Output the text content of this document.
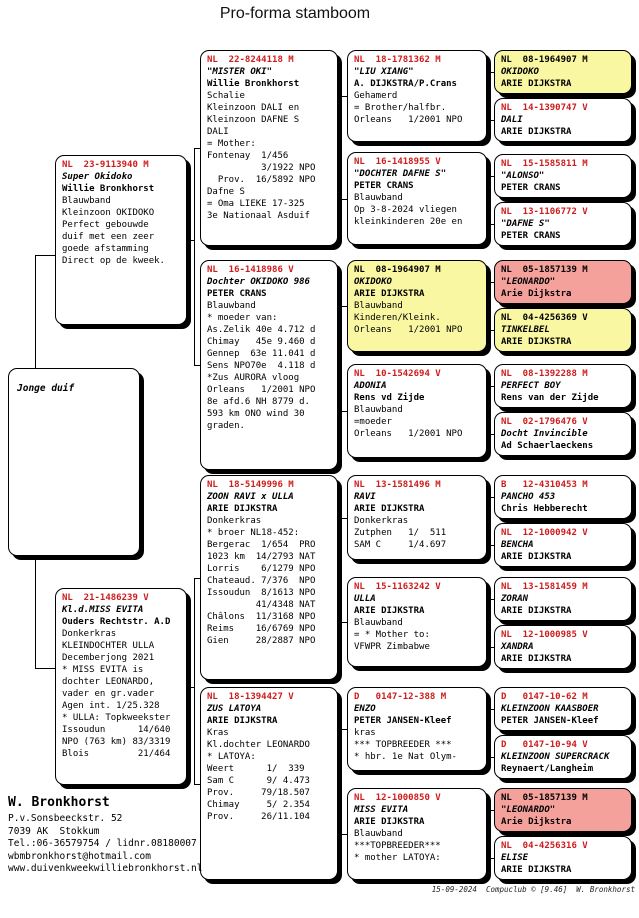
Pro-forma stamboom
NL  23-9113940 M
Super Okidoko
Willie Bronkhorst
Blauwband
Kleinzoon OKIDOKO
Perfect gebouwde
duif met een zeer
goede afstamming
Direct op de kweek.
NL  21-1486239 V
Kl.d.MISS EVITA
Ouders Rechtstr. A.D
Donkerkras
KLEINDOCHTER ULLA
Decemberjong 2021
* MISS EVITA is
dochter LEONARDO,
vader en gr.vader
Agen int. 1/25.328
* ULLA: Topkweekster
Issoudun      14/640
NPO (763 km) 83/3319
Blois         21/464
NL  22-8244118 M
"MISTER OKI"
Willie Bronkhorst
Schalie
Kleinzoon DALI en
Kleinzoon DAFNE S
DALI
= Mother:
Fontenay  1/456
3/1922 NPO
Prov.  16/5892 NPO
Dafne S
= Oma LIEKE 17-325
3e Nationaal Asduif
NL  16-1418986 V
Dochter OKIDOKO 986
PETER CRANS
Blauwband
* moeder van:
As.Zelik 40e 4.712 d
Chimay   45e 9.460 d
Gennep  63e 11.041 d
Sens NPO70e  4.118 d
*Zus AURORA vloog
Orleans   1/2001 NPO
8e afd.6 NH 8779 d.
593 km ONO wind 30
graden.
NL  18-5149996 M
ZOON RAVI x ULLA
ARIE DIJKSTRA
Donkerkras
* broer NL18-452:
Bergerac  1/654  PRO
1023 km  14/2793 NAT
Lorris    6/1279 NPO
Chateaud. 7/376  NPO
Issoudun  8/1613 NPO
41/4348 NAT
Châlons  11/3168 NPO
Reims    16/6769 NPO
Gien     28/2887 NPO
NL  18-1394427 V
ZUS LATOYA
ARIE DIJKSTRA
Kras
Kl.dochter LEONARDO
* LATOYA:
Weert      1/  339
Sam C      9/ 4.473
Prov.     79/18.507
Chimay     5/ 2.354
Prov.     26/11.104
NL  18-1781362 M
"LIU XIANG"
A. DIJKSTRA/P.Crans
Gehamerd
= Brother/halfbr.
Orleans   1/2001 NPO
NL  16-1418955 V
"DOCHTER DAFNE S"
PETER CRANS
Blauwband
Op 3-8-2024 vliegen
kleinkinderen 20e en
NL  08-1964907 M
OKIDOKO
ARIE DIJKSTRA
Blauwband
Kinderen/Kleink.
Orleans   1/2001 NPO
NL  10-1542694 V
ADONIA
Rens vd Zijde
Blauwband
=moeder
Orleans   1/2001 NPO
NL  13-1581496 M
RAVI
ARIE DIJKSTRA
Donkerkras
Zutphen   1/  511
SAM C     1/4.697
NL  15-1163242 V
ULLA
ARIE DIJKSTRA
Blauwband
= * Mother to:
VFWPR Zimbabwe
D   0147-12-388 M
ENZO
PETER JANSEN-Kleef
kras
*** TOPBREEDER ***
* hbr. 1e Nat Olym-
NL  12-1000850 V
MISS EVITA
ARIE DIJKSTRA
Blauwband
***TOPBREEDER***
* mother LATOYA:
NL  08-1964907 M
OKIDOKO
ARIE DIJKSTRA
NL  14-1390747 V
DALI
ARIE DIJKSTRA
NL  15-1585811 M
"ALONSO"
PETER CRANS
NL  13-1106772 V
"DAFNE S"
PETER CRANS
NL  05-1857139 M
"LEONARDO"
Arie Dijkstra
NL  04-4256369 V
TINKELBEL
ARIE DIJKSTRA
NL  08-1392288 M
PERFECT BOY
Rens van der Zijde
NL  02-1796476 V
Docht Invincible
Ad Schaerlaeckens
B   12-4310453 M
PANCHO 453
Chris Hebberecht
NL  12-1000942 V
BENCHA
ARIE DIJKSTRA
NL  13-1581459 M
ZORAN
ARIE DIJKSTRA
NL  12-1000985 V
XANDRA
ARIE DIJKSTRA
D   0147-10-62 M
KLEINZOON KAASBOER
PETER JANSEN-Kleef
D   0147-10-94 V
KLEINZOON SUPERCRACK
Reynaert/Langheim
NL  05-1857139 M
"LEONARDO"
Arie Dijkstra
NL  04-4256316 V
ELISE
ARIE DIJKSTRA
Jonge duif
W. Bronkhorst
P.v.Sonsbeeckstr. 52
7039 AK  Stokkum
Tel.:06-36579754 / lidnr.08180007
wbmbronkhorst@hotmail.com
www.duivenkweekwilliebronkhorst.nl
15-09-2024  Compuclub © [9.46]  W. Bronkhorst
